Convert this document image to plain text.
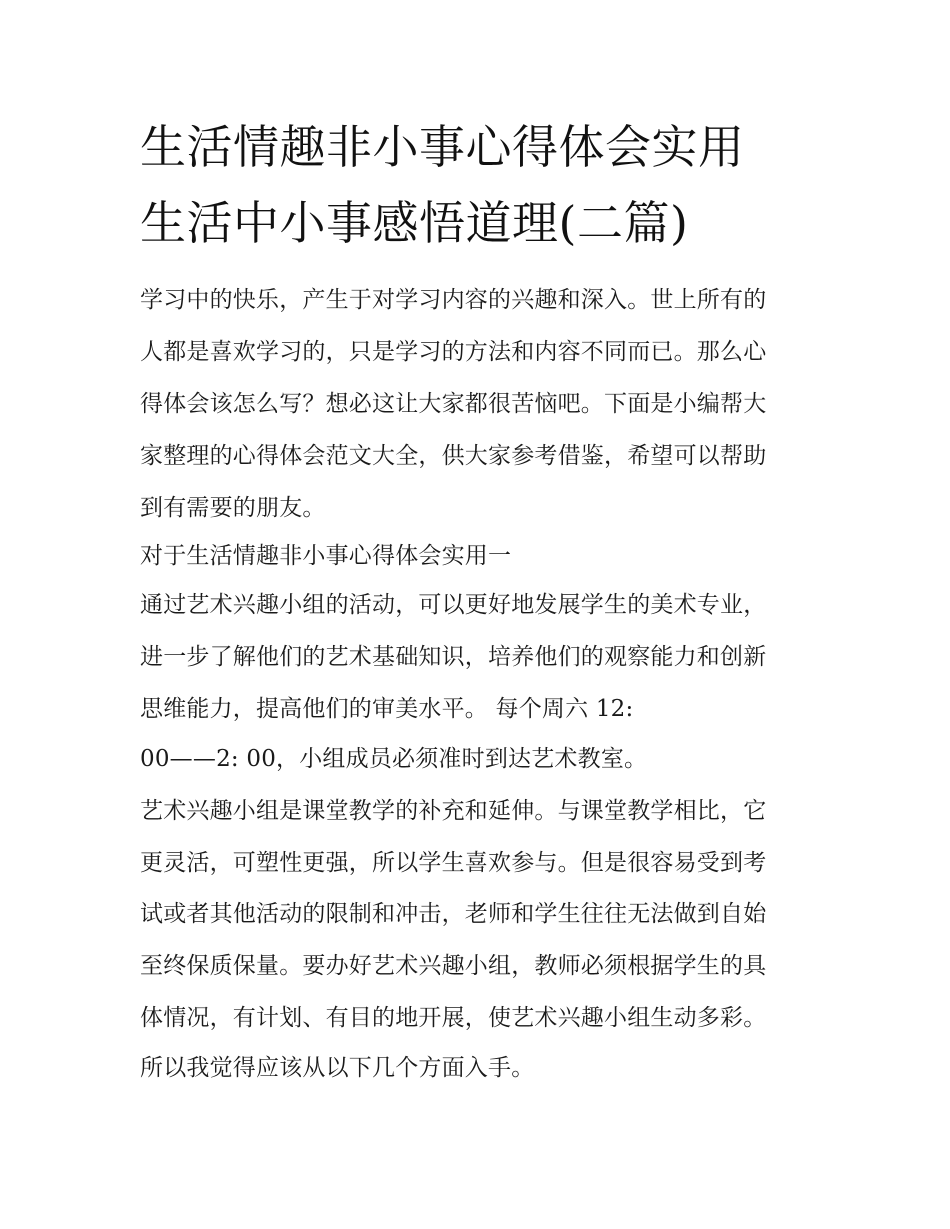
生活情趣非小事心得体会实用
生活中小事感悟道理(二篇)

学习中的快乐，产生于对学习内容的兴趣和深入。世上所有的

人都是喜欢学习的，只是学习的方法和内容不同而已。那么心

得体会该怎么写？想必这让大家都很苦恼吧。下面是小编帮大

家整理的心得体会范文大全，供大家参考借鉴，希望可以帮助

到有需要的朋友。

对于生活情趣非小事心得体会实用一

通过艺术兴趣小组的活动，可以更好地发展学生的美术专业，

进一步了解他们的艺术基础知识，培养他们的观察能力和创新

思维能力，提高他们的审美水平。 每个周六 12:

00——2: 00，小组成员必须准时到达艺术教室。

艺术兴趣小组是课堂教学的补充和延伸。与课堂教学相比，它

更灵活，可塑性更强，所以学生喜欢参与。但是很容易受到考

试或者其他活动的限制和冲击，老师和学生往往无法做到自始

至终保质保量。要办好艺术兴趣小组，教师必须根据学生的具

体情况，有计划、有目的地开展，使艺术兴趣小组生动多彩。

所以我觉得应该从以下几个方面入手。
